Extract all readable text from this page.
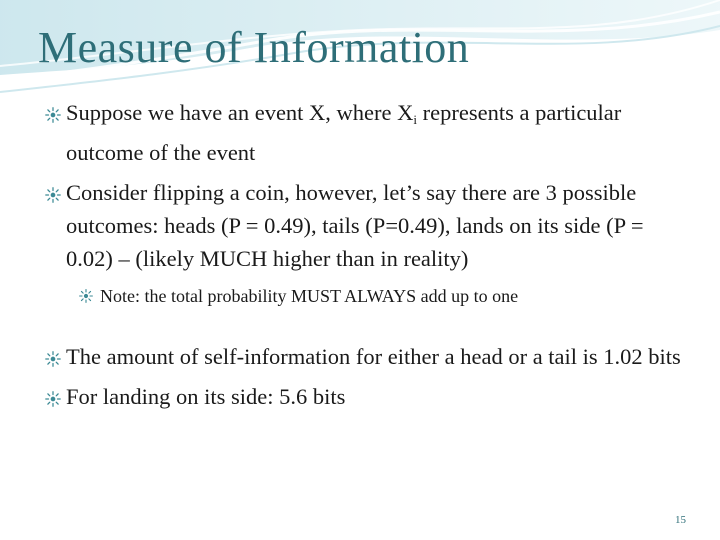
Measure of Information
Suppose we have an event X, where Xi represents a particular outcome of the event
Consider flipping a coin, however, let’s say there are 3 possible outcomes: heads (P = 0.49), tails (P=0.49), lands on its side (P = 0.02) – (likely MUCH higher than in reality)
Note: the total probability MUST ALWAYS add up to one
The amount of self-information for either a head or a tail is 1.02 bits
For landing on its side: 5.6 bits
15
